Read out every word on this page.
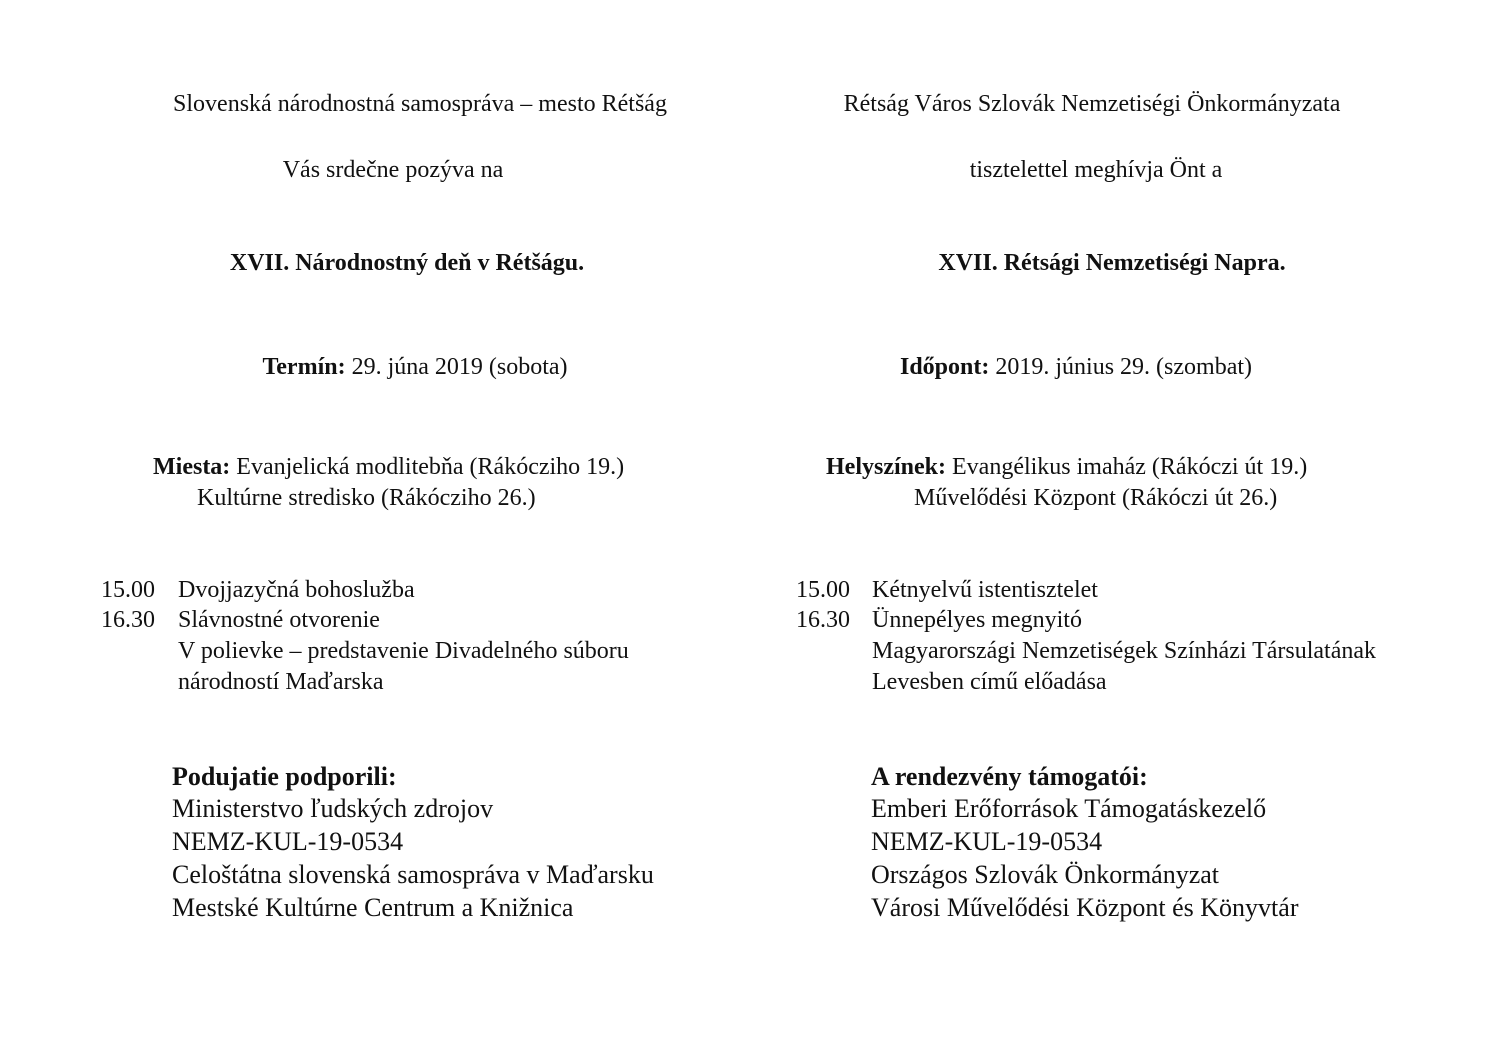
Slovenská národnostná samospráva – mesto Rétšág
Vás srdečne pozýva na
XVII. Národnostný deň v Rétšágu.
Termín: 29. júna 2019 (sobota)
Miesta: Evanjelická modlitebňa (Rákócziho 19.)
Kultúrne stredisko (Rákócziho 26.)
15.00 Dvojjazyčná bohoslužba
16.30 Slávnostné otvorenie
V polievke – predstavenie Divadelného súboru
národností Maďarska
Podujatie podporili:
Ministerstvo ľudských zdrojov
NEMZ-KUL-19-0534
Celoštátna slovenská samospráva v Maďarsku
Mestské Kultúrne Centrum a Knižnica
Rétság Város Szlovák Nemzetiségi Önkormányzata
tisztelettel meghívja Önt a
XVII. Rétsági Nemzetiségi Napra.
Időpont: 2019. június 29. (szombat)
Helyszínek: Evangélikus imaház (Rákóczi út 19.)
Művelődési Központ (Rákóczi út 26.)
15.00 Kétnyelvű istentisztelet
16.30 Ünnepélyes megnyitó
Magyarországi Nemzetiségek Színházi Társulatának
Levesben című előadása
A rendezvény támogatói:
Emberi Erőforrások Támogatáskezelő
NEMZ-KUL-19-0534
Országos Szlovák Önkormányzat
Városi Művelődési Központ és Könyvtár
